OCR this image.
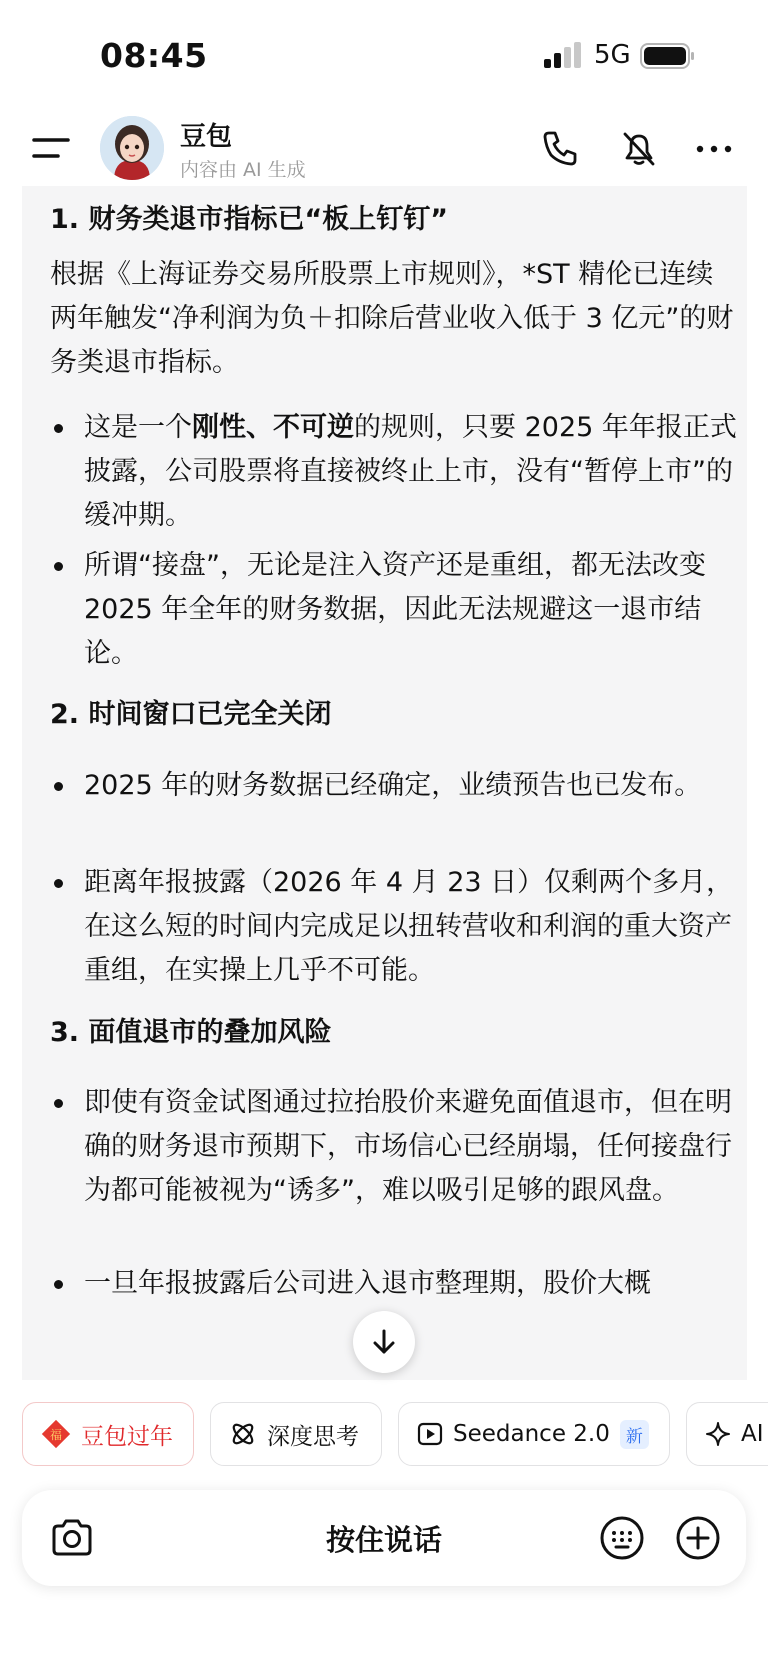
08:45	5G
豆包
内容由 AI 生成
1. 财务类退市指标已“板上钉钉”
根据《上海证券交易所股票上市规则》，*ST 精伦已连续两年触发“净利润为负＋扣除后营业收入低于 3 亿元”的财务类退市指标。
这是一个刚性、不可逆的规则，只要 2025 年年报正式披露，公司股票将直接被终止上市，没有“暂停上市”的缓冲期。
所谓“接盘”，无论是注入资产还是重组，都无法改变 2025 年全年的财务数据，因此无法规避这一退市结论。
2. 时间窗口已完全关闭
2025 年的财务数据已经确定，业绩预告也已发布。
距离年报披露（2026 年 4 月 23 日）仅剩两个多月，在这么短的时间内完成足以扭转营收和利润的重大资产重组，在实操上几乎不可能。
3. 面值退市的叠加风险
即使有资金试图通过拉抬股价来避免面值退市，但在明确的财务退市预期下，市场信心已经崩塌，任何接盘行为都可能被视为“诱多”，难以吸引足够的跟风盘。
一旦年报披露后公司进入退市整理期，股价大概
福 豆包过年	深度思考	Seedance 2.0 新	AI
按住说话
